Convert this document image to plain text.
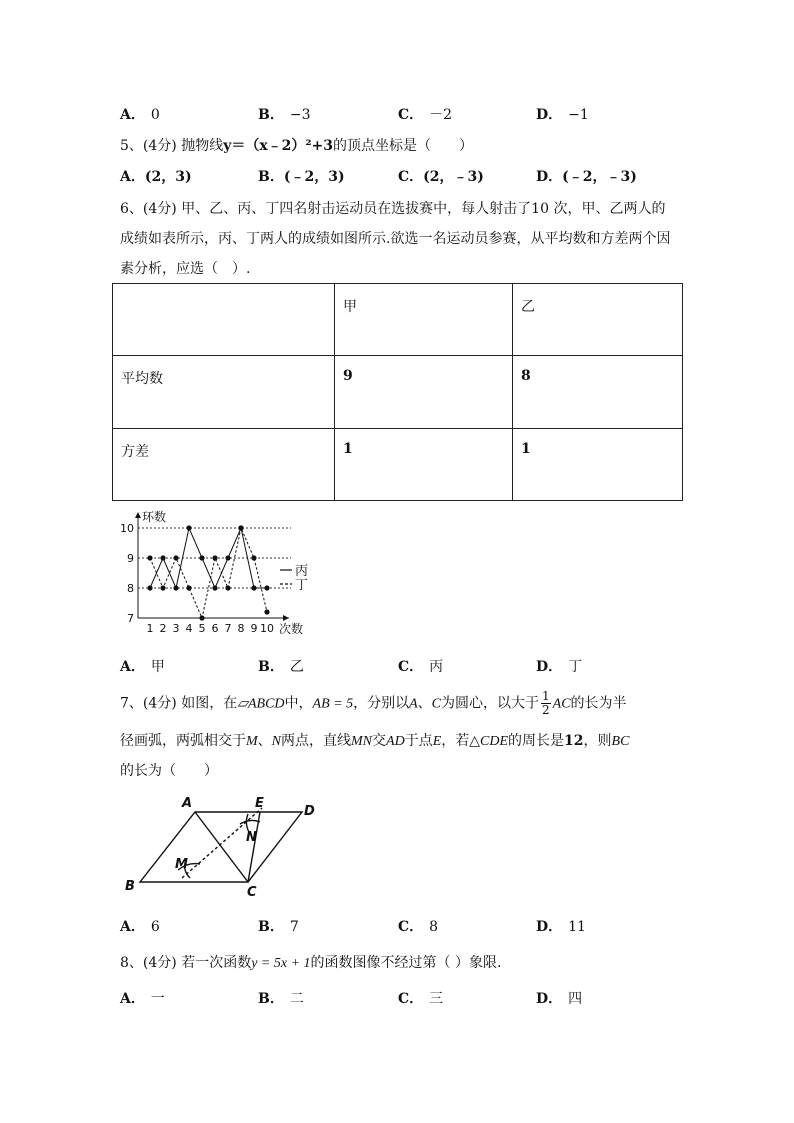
A． 0	B． −3	C． －2	D． −1
5、(4分) 抛物线y＝（x﹣2）²+3的顶点坐标是（　　）
A．(2，3)	B．(﹣2，3)	C．(2，﹣3)	D．(﹣2，﹣3)
6、(4分) 甲、乙、丙、丁四名射击运动员在选拔赛中，每人射击了10 次，甲、乙两人的
成绩如表所示，丙、丁两人的成绩如图所示.欲选一名运动员参赛，从平均数和方差两个因
素分析，应选（　）.
	甲	乙
平均数	9	8
方差	1	1
7
8
9
10
1 2 3 4 5 6 7 8 9 10
环数
次数
丙
丁
A． 甲	B． 乙	C． 丙	D． 丁
7、(4分) 如图，在▱ABCD中，AB = 5，分别以A、C为圆心，以大于 $\frac{1}{2}$ AC的长为半
径画弧，两弧相交于M、N两点，直线MN交AD于点E，若△CDE的周长是12，则BC
的长为（　　）
A	E
D
B	C
M
N
A． 6	B． 7	C． 8	D． 11
8、(4分) 若一次函数y = 5x + 1的函数图像不经过第（ ）象限.
A． 一	B． 二	C． 三	D． 四
